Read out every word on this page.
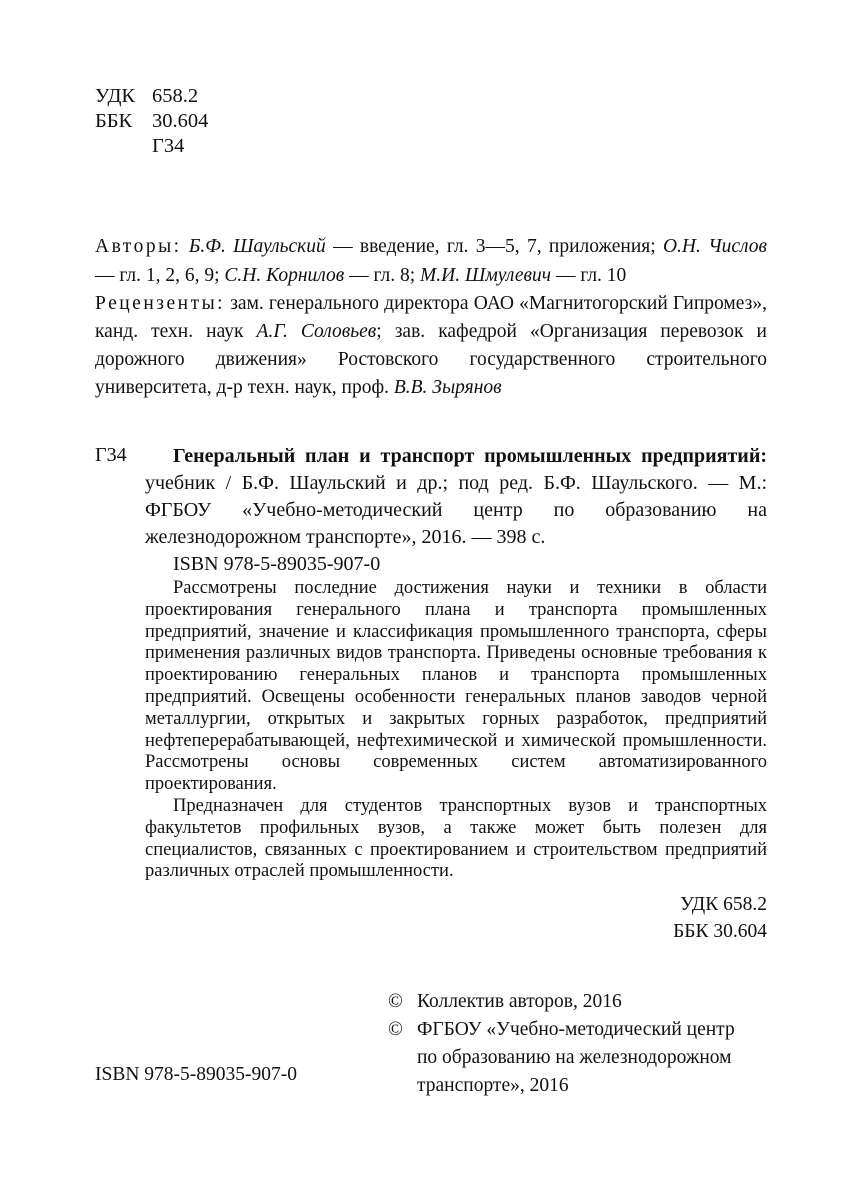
УДК 658.2
ББК 30.604
Г34

Авторы: Б.Ф. Шаульский — введение, гл. 3—5, 7, приложения; О.Н. Числов — гл. 1, 2, 6, 9; С.Н. Корнилов — гл. 8; М.И. Шмулевич — гл. 10

Рецензенты: зам. генерального директора ОАО «Магнитогорский Гипромез», канд. техн. наук А.Г. Соловьев; зав. кафедрой «Организация перевозок и дорожного движения» Ростовского государственного строительного университета, д-р техн. наук, проф. В.В. Зырянов

Г34	Генеральный план и транспорт промышленных предприятий: учебник / Б.Ф. Шаульский и др.; под ред. Б.Ф. Шаульского. — М.: ФГБОУ «Учебно-методический центр по образованию на железнодорожном транспорте», 2016. — 398 с.

ISBN 978-5-89035-907-0

Рассмотрены последние достижения науки и техники в области проектирования генерального плана и транспорта промышленных предприятий, значение и классификация промышленного транспорта, сферы применения различных видов транспорта. Приведены основные требования к проектированию генеральных планов и транспорта промышленных предприятий. Освещены особенности генеральных планов заводов черной металлургии, открытых и закрытых горных разработок, предприятий нефтеперерабатывающей, нефтехимической и химической промышленности. Рассмотрены основы современных систем автоматизированного проектирования.

Предназначен для студентов транспортных вузов и транспортных факультетов профильных вузов, а также может быть полезен для специалистов, связанных с проектированием и строительством предприятий различных отраслей промышленности.

УДК 658.2
ББК 30.604
© Коллектив авторов, 2016
© ФГБОУ «Учебно-методический центр по образованию на железнодорожном транспорте», 2016
ISBN 978-5-89035-907-0
